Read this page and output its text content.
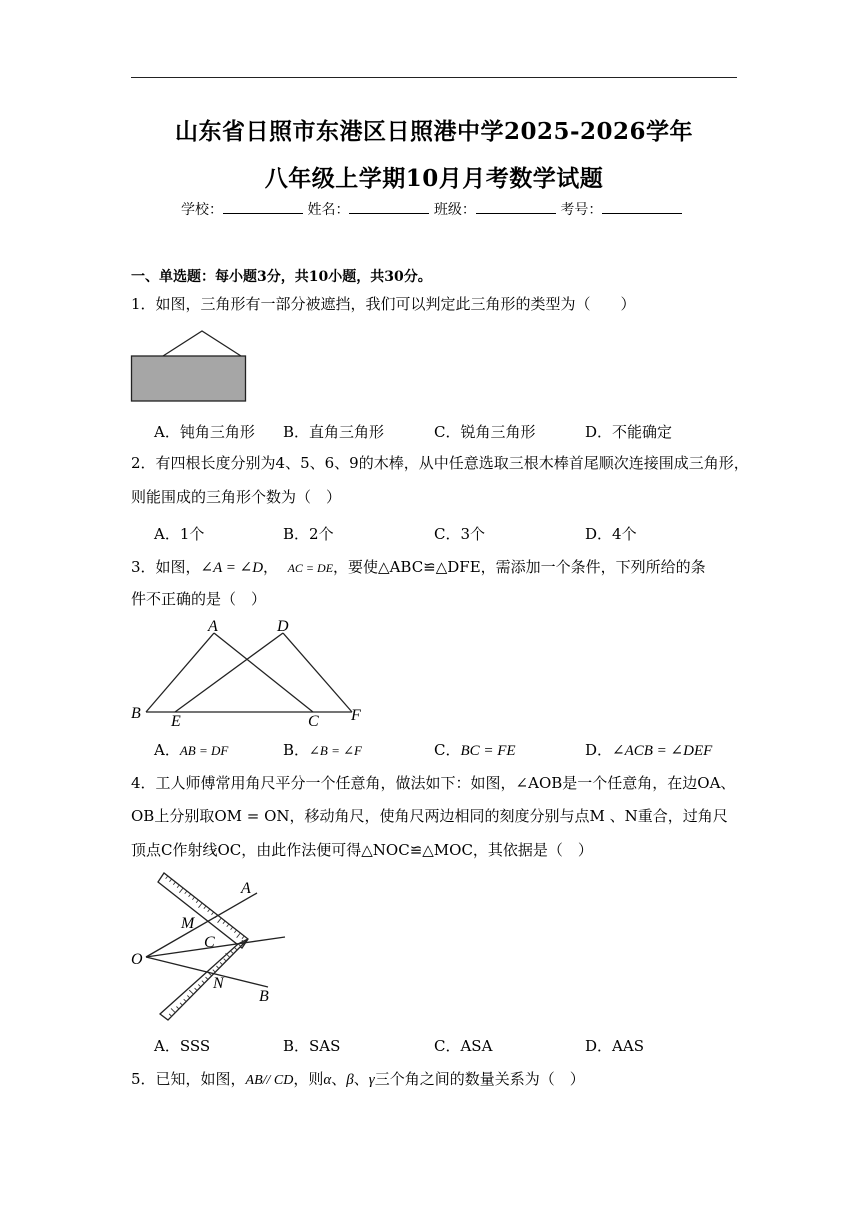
山东省日照市东港区日照港中学2025-2026学年
八年级上学期10月月考数学试题
学校：	姓名：	班级：	考号：
一、单选题：每小题3分，共10小题，共30分。
1．如图，三角形有一部分被遮挡，我们可以判定此三角形的类型为（　　）
A．钝角三角形 B．直角三角形	C．锐角三角形	D．不能确定
2．有四根长度分别为4、5、6、9的木棒，从中任意选取三根木棒首尾顺次连接围成三角形，
则能围成的三角形个数为（　）
A．1个	B．2个	C．3个	D．4个
3．如图，∠A = ∠D， AC = DE，要使△ABC≌△DFE，需添加一个条件，下列所给的条
件不正确的是（　）
A	D
B E	C F
A．AB = DF	B．∠B = ∠F	C．BC = FE	D．∠ACB = ∠DEF
4．工人师傅常用角尺平分一个任意角，做法如下：如图，∠AOB是一个任意角，在边OA、
OB上分别取OM = ON，移动角尺，使角尺两边相同的刻度分别与点M 、N重合，过角尺
顶点C作射线OC，由此作法便可得△NOC≌△MOC，其依据是（　）
A
M
C
O
N
B
A．SSS	B．SAS	C．ASA	D．AAS
5．已知，如图，AB// CD，则α、β、γ三个角之间的数量关系为（　）
